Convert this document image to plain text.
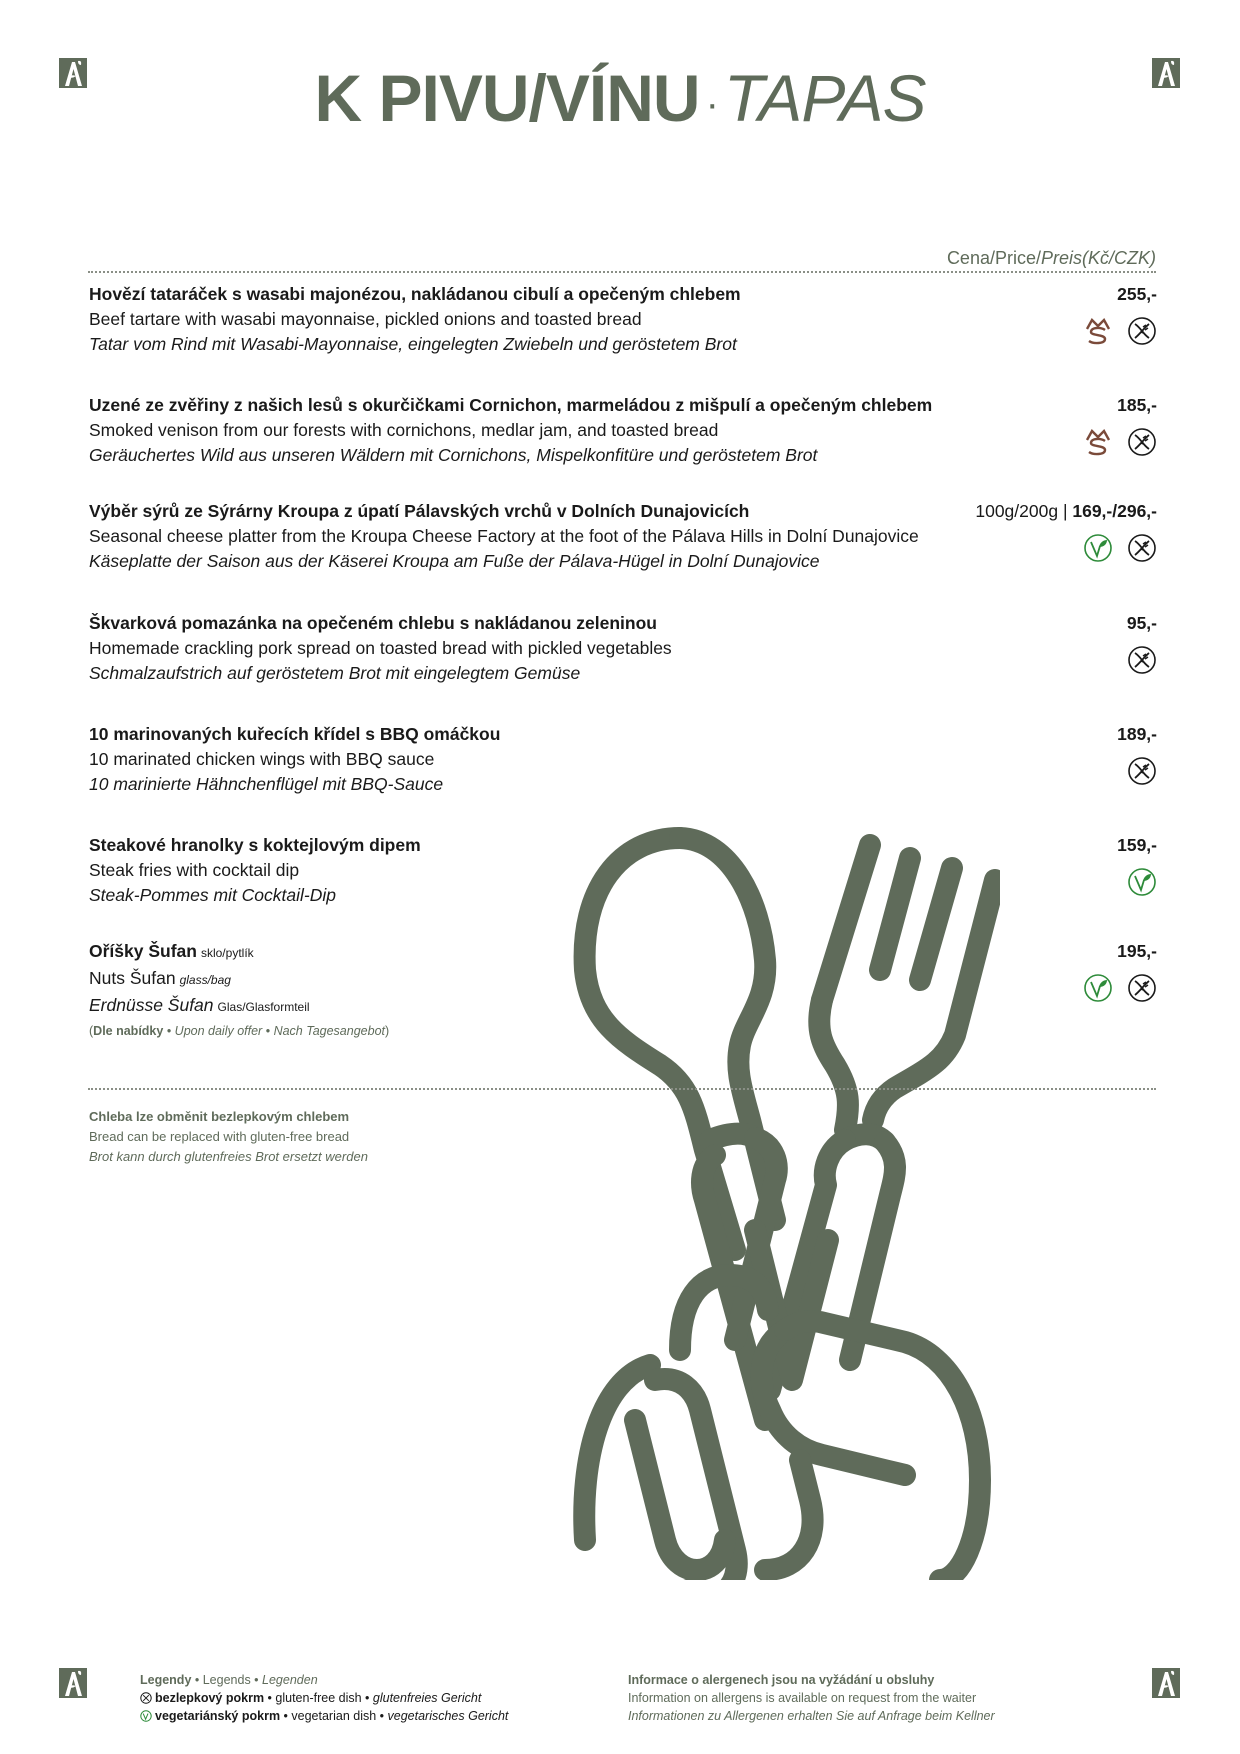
K PIVU/VÍNU ·TAPAS
Cena/Price/Preis(Kč/CZK)
Hovězí tataráček s wasabi majonézou, nakládanou cibulí a opečeným chlebem
Beef tartare with wasabi mayonnaise, pickled onions and toasted bread
Tatar vom Rind mit Wasabi-Mayonnaise, eingelegten Zwiebeln und geröstetem Brot
255,-
Uzené ze zvěřiny z našich lesů s okurčičkami Cornichon, marmeládou z mišpulí a opečeným chlebem
Smoked venison from our forests with cornichons, medlar jam, and toasted bread
Geräuchertes Wild aus unseren Wäldern mit Cornichons, Mispelkonfitüre und geröstetem Brot
185,-
Výběr sýrů ze Sýrárny Kroupa z úpatí Pálavských vrchů v Dolních Dunajovicích
Seasonal cheese platter from the Kroupa Cheese Factory at the foot of the Pálava Hills in Dolní Dunajovice
Käseplatte der Saison aus der Käserei Kroupa am Fuße der Pálava-Hügel in Dolní Dunajovice
100g/200g | 169,-/296,-
Škvarková pomazánka na opečeném chlebu s nakládanou zeleninou
Homemade crackling pork spread on toasted bread with pickled vegetables
Schmalzaufstrich auf geröstetem Brot mit eingelegtem Gemüse
95,-
10 marinovaných kuřecích křídel s BBQ omáčkou
10 marinated chicken wings with BBQ sauce
10 marinierte Hähnchenflügel mit BBQ-Sauce
189,-
Steakové hranolky s koktejlovým dipem
Steak fries with cocktail dip
Steak-Pommes mit Cocktail-Dip
159,-
Oříšky Šufan sklo/pytlík
Nuts Šufan glass/bag
Erdnüsse Šufan Glas/Glasformteil
(Dle nabídky • Upon daily offer • Nach Tagesangebot)
195,-
Chleba lze obměnit bezlepkovým chlebem
Bread can be replaced with gluten-free bread
Brot kann durch glutenfreies Brot ersetzt werden
Legendy • Legends • Legenden
bezlepkový pokrm • gluten-free dish • glutenfreies Gericht
vegetariánský pokrm • vegetarian dish • vegetarisches Gericht
Informace o alergenech jsou na vyžádání u obsluhy
Information on allergens is available on request from the waiter
Informationen zu Allergenen erhalten Sie auf Anfrage beim Kellner
